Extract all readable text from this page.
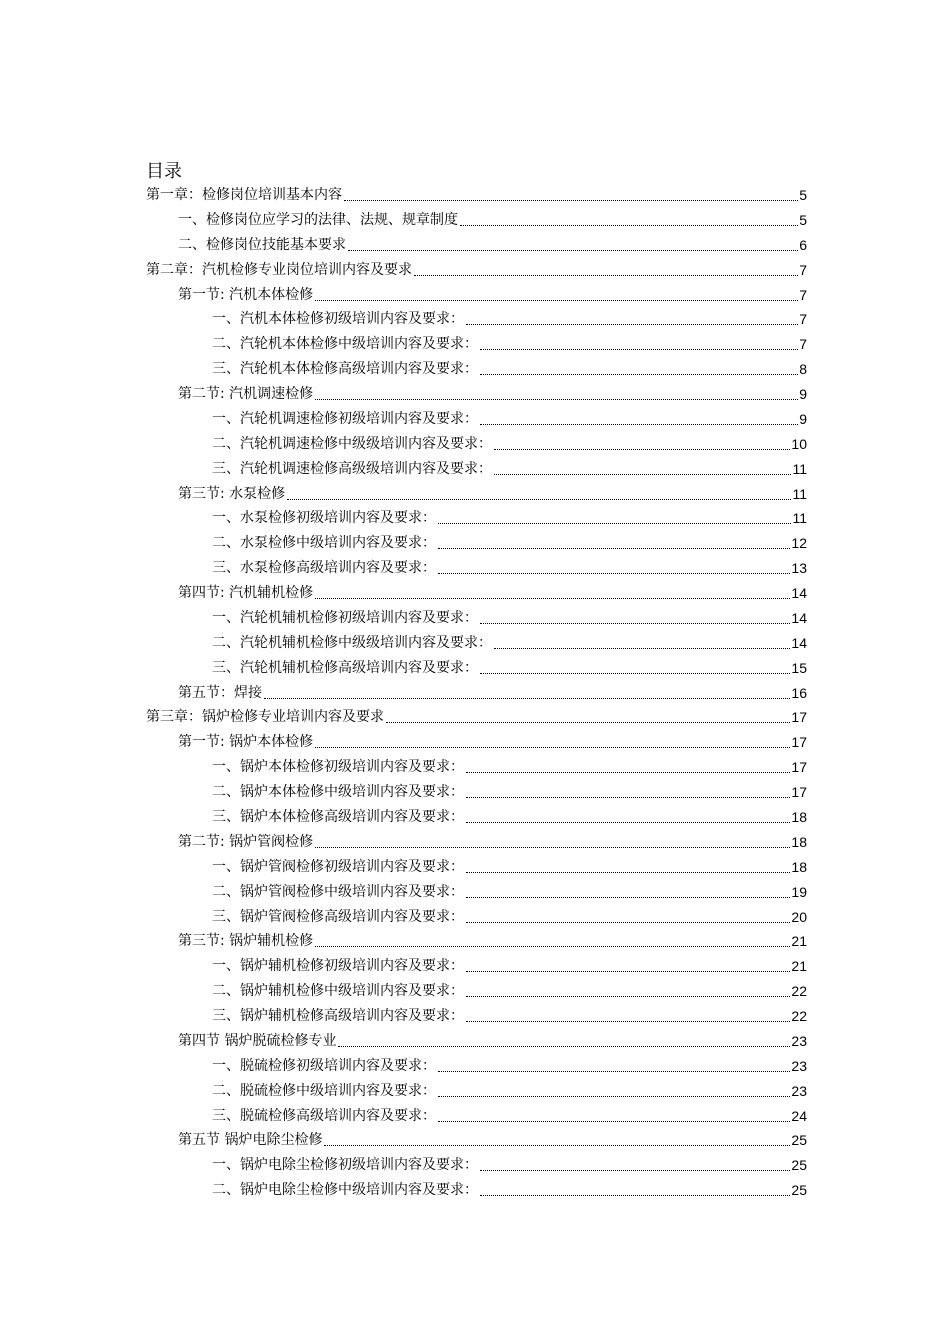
目录
第一章：检修岗位培训基本内容	5
一、检修岗位应学习的法律、法规、规章制度	5
二、检修岗位技能基本要求	6
第二章：汽机检修专业岗位培训内容及要求	7
第一节: 汽机本体检修	7
一、汽机本体检修初级培训内容及要求：	7
二、汽轮机本体检修中级培训内容及要求：	7
三、汽轮机本体检修高级培训内容及要求：	8
第二节: 汽机调速检修	9
一、汽轮机调速检修初级培训内容及要求：	9
二、汽轮机调速检修中级级培训内容及要求：	10
三、汽轮机调速检修高级级培训内容及要求：	11
第三节: 水泵检修	11
一、水泵检修初级培训内容及要求：	11
二、水泵检修中级培训内容及要求：	12
三、水泵检修高级培训内容及要求：	13
第四节: 汽机辅机检修	14
一、汽轮机辅机检修初级培训内容及要求：	14
二、汽轮机辅机检修中级级培训内容及要求：	14
三、汽轮机辅机检修高级培训内容及要求：	15
第五节：焊接	16
第三章：锅炉检修专业培训内容及要求	17
第一节: 锅炉本体检修	17
一、锅炉本体检修初级培训内容及要求：	17
二、锅炉本体检修中级培训内容及要求：	17
三、锅炉本体检修高级培训内容及要求：	18
第二节: 锅炉管阀检修	18
一、锅炉管阀检修初级培训内容及要求：	18
二、锅炉管阀检修中级培训内容及要求：	19
三、锅炉管阀检修高级培训内容及要求：	20
第三节: 锅炉辅机检修	21
一、锅炉辅机检修初级培训内容及要求：	21
二、锅炉辅机检修中级培训内容及要求：	22
三、锅炉辅机检修高级培训内容及要求：	22
第四节 锅炉脱硫检修专业	23
一、脱硫检修初级培训内容及要求：	23
二、脱硫检修中级培训内容及要求：	23
三、脱硫检修高级培训内容及要求：	24
第五节 锅炉电除尘检修	25
一、锅炉电除尘检修初级培训内容及要求：	25
二、锅炉电除尘检修中级培训内容及要求：	25
